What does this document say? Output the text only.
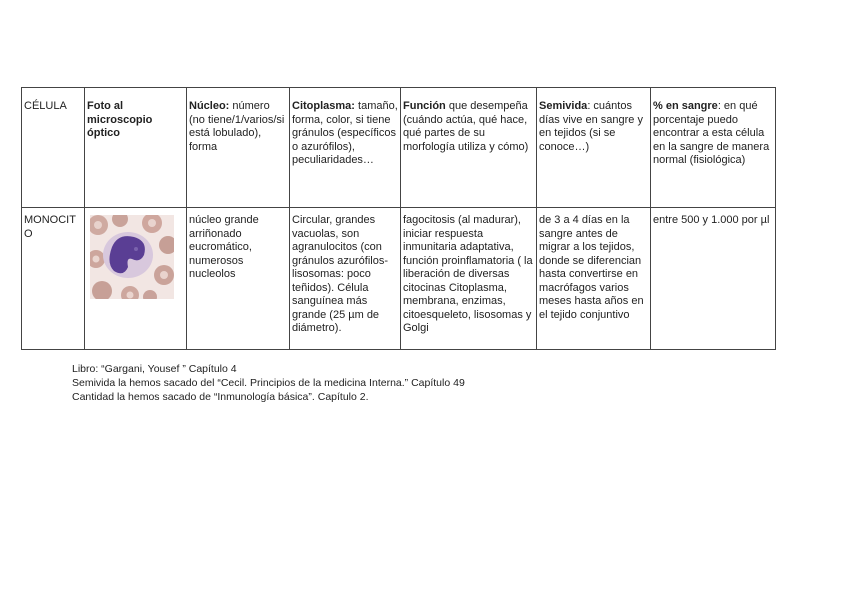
CÉLULA	Foto al microscopio óptico	Núcleo: número (no tiene/1/varios/si está lobulado), forma	Citoplasma: tamaño, forma, color, si tiene gránulos (específicos o azurófilos), peculiaridades…	Función que desempeña (cuándo actúa, qué hace, qué partes de su morfología utiliza y cómo)	Semivida: cuántos días vive en sangre y en tejidos (si se conoce…)	% en sangre: en qué porcentaje puedo encontrar a esta célula en la sangre de manera normal (fisiológica)
MONOCITO		núcleo grande arriñonado eucromático, numerosos nucleolos	Circular, grandes vacuolas, son agranulocitos (con gránulos azurófilos-lisosomas: poco teñidos). Célula sanguínea más grande (25 µm de diámetro).	fagocitosis (al madurar), iniciar respuesta inmunitaria adaptativa, función proinflamatoria ( la liberación de diversas citocinas Citoplasma, membrana, enzimas, citoesqueleto, lisosomas y Golgi	de 3 a 4 días en la sangre antes de migrar a los tejidos, donde se diferencian hasta convertirse en macrófagos varios meses hasta años en el tejido conjuntivo	entre 500 y 1.000 por µl

Libro: “Gargani, Yousef ” Capítulo 4

Semivida la hemos sacado del “Cecil. Principios de la medicina Interna.” Capítulo 49

Cantidad la hemos sacado de “Inmunología básica”. Capítulo 2.
